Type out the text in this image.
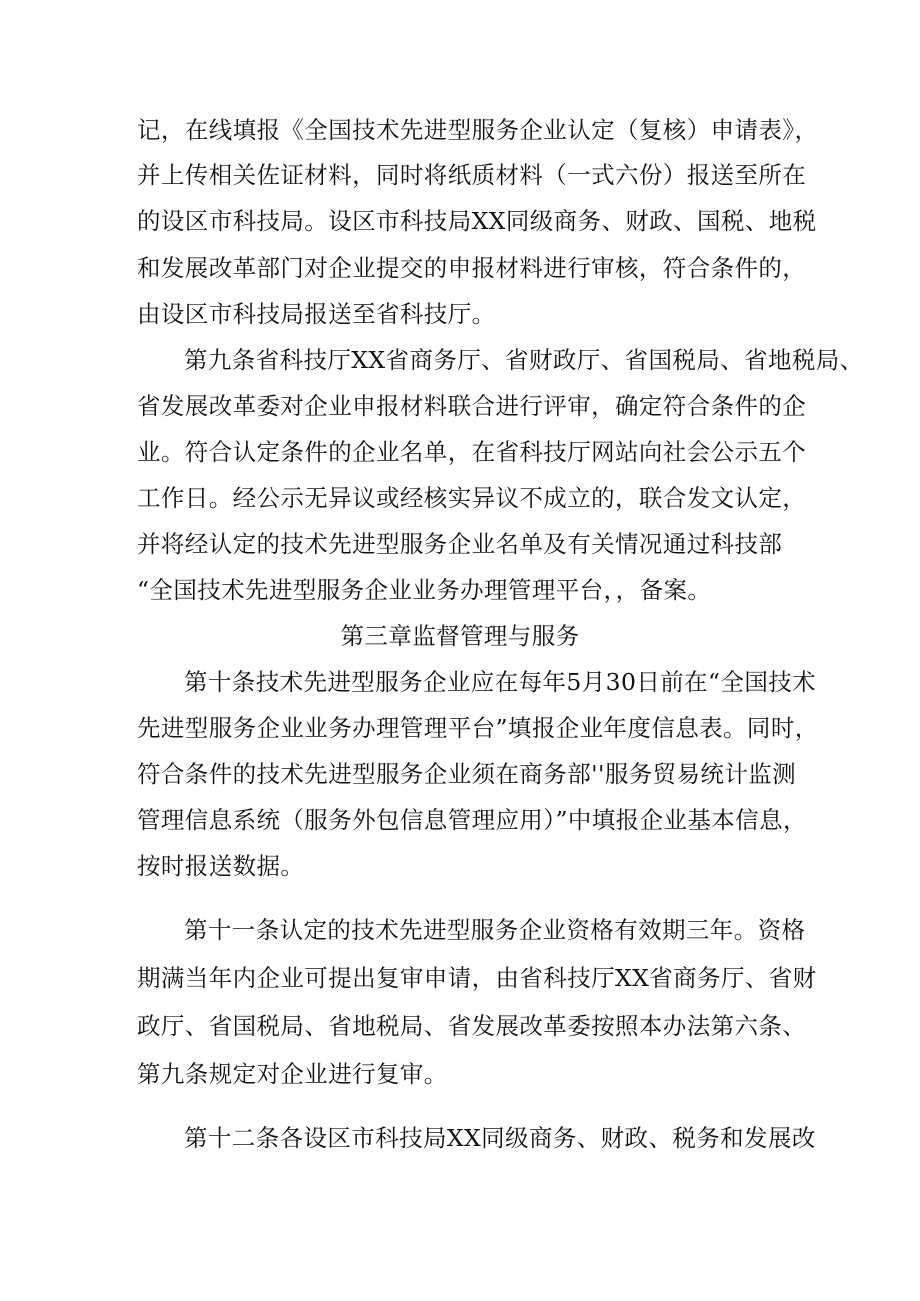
记，在线填报《全国技术先进型服务企业认定（复核）申请表》，
并上传相关佐证材料，同时将纸质材料（一式六份）报送至所在
的设区市科技局。设区市科技局XX同级商务、财政、国税、地税
和发展改革部门对企业提交的申报材料进行审核，符合条件的，
由设区市科技局报送至省科技厅。
第九条省科技厅XX省商务厅、省财政厅、省国税局、省地税局、
省发展改革委对企业申报材料联合进行评审，确定符合条件的企
业。符合认定条件的企业名单，在省科技厅网站向社会公示五个
工作日。经公示无异议或经核实异议不成立的，联合发文认定，
并将经认定的技术先进型服务企业名单及有关情况通过科技部
“全国技术先进型服务企业业务办理管理平台，，备案。
第三章监督管理与服务
第十条技术先进型服务企业应在每年5月30日前在“全国技术
先进型服务企业业务办理管理平台”填报企业年度信息表。同时，
符合条件的技术先进型服务企业须在商务部''服务贸易统计监测
管理信息系统（服务外包信息管理应用）”中填报企业基本信息，
按时报送数据。
第十一条认定的技术先进型服务企业资格有效期三年。资格
期满当年内企业可提出复审申请，由省科技厅XX省商务厅、省财
政厅、省国税局、省地税局、省发展改革委按照本办法第六条、
第九条规定对企业进行复审。
第十二条各设区市科技局XX同级商务、财政、税务和发展改
